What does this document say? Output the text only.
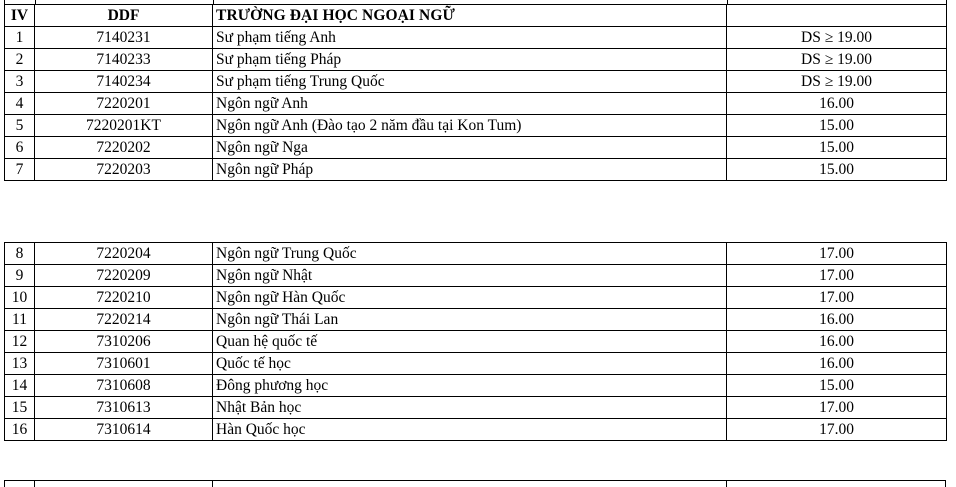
IV	DDF	TRƯỜNG ĐẠI HỌC NGOẠI NGỮ	
1	7140231	Sư phạm tiếng Anh	DS ≥ 19.00
2	7140233	Sư phạm tiếng Pháp	DS ≥ 19.00
3	7140234	Sư phạm tiếng Trung Quốc	DS ≥ 19.00
4	7220201	Ngôn ngữ Anh	16.00
5	7220201KT	Ngôn ngữ Anh (Đào tạo 2 năm đầu tại Kon Tum)	15.00
6	7220202	Ngôn ngữ Nga	15.00
7	7220203	Ngôn ngữ Pháp	15.00
8	7220204	Ngôn ngữ Trung Quốc	17.00
9	7220209	Ngôn ngữ Nhật	17.00
10	7220210	Ngôn ngữ Hàn Quốc	17.00
11	7220214	Ngôn ngữ Thái Lan	16.00
12	7310206	Quan hệ quốc tế	16.00
13	7310601	Quốc tế học	16.00
14	7310608	Đông phương học	15.00
15	7310613	Nhật Bản học	17.00
16	7310614	Hàn Quốc học	17.00
